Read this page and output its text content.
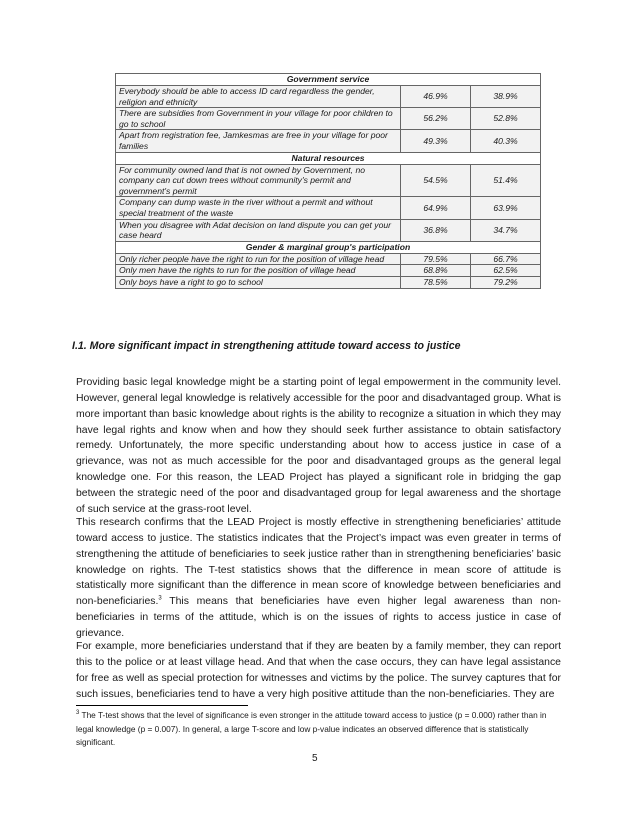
Government service		
Everybody should be able to access ID card regardless the gender, religion and ethnicity	46.9%	38.9%
There are subsidies from Government in your village for poor children to go to school	56.2%	52.8%
Apart from registration fee, Jamkesmas are free in your village for poor families	49.3%	40.3%
Natural resources		
For community owned land that is not owned by Government, no company can cut down trees without community's permit and government's permit	54.5%	51.4%
Company can dump waste in the river without a permit and without special treatment of the waste	64.9%	63.9%
When you disagree with Adat decision on land dispute you can get your case heard	36.8%	34.7%
Gender & marginal group's participation		
Only richer people have the right to run for the position of village head	79.5%	66.7%
Only men have the rights to run for the position of village head	68.8%	62.5%
Only boys have a right to go to school	78.5%	79.2%
I.1. More significant impact in strengthening attitude toward access to justice

Providing basic legal knowledge might be a starting point of legal empowerment in the community level. However, general legal knowledge is relatively accessible for the poor and disadvantaged group. What is more important than basic knowledge about rights is the ability to recognize a situation in which they may have legal rights and know when and how they should seek further assistance to obtain satisfactory remedy. Unfortunately, the more specific understanding about how to access justice in case of a grievance, was not as much accessible for the poor and disadvantaged groups as the general legal knowledge one. For this reason, the LEAD Project has played a significant role in bridging the gap between the strategic need of the poor and disadvantaged group for legal awareness and the shortage of such service at the grass-root level.

This research confirms that the LEAD Project is mostly effective in strengthening beneficiaries’ attitude toward access to justice. The statistics indicates that the Project’s impact was even greater in terms of strengthening the attitude of beneficiaries to seek justice rather than in strengthening beneficiaries’ basic knowledge on rights. The T-test statistics shows that the difference in mean score of attitude is statistically more significant than the difference in mean score of knowledge between beneficiaries and non-beneficiaries.$^3$ This means that beneficiaries have even higher legal awareness than non-beneficiaries in terms of the attitude, which is on the issues of rights to access justice in case of grievance.

For example, more beneficiaries understand that if they are beaten by a family member, they can report this to the police or at least village head. And that when the case occurs, they can have legal assistance for free as well as special protection for witnesses and victims by the police. The survey captures that for such issues, beneficiaries tend to have a very high positive attitude than the non-beneficiaries. They are

$^3$ The T-test shows that the level of significance is even stronger in the attitude toward access to justice (p = 0.000) rather than in legal knowledge (p = 0.007). In general, a large T-score and low p-value indicates an observed difference that is statistically significant.

5
